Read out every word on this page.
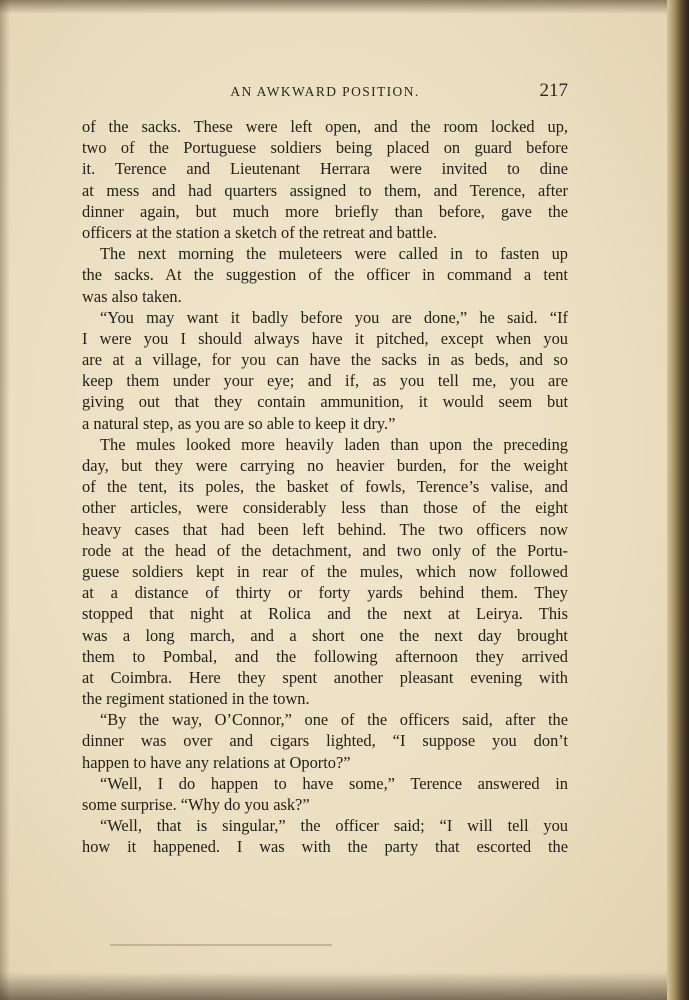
AN AWKWARD POSITION.	217
of the sacks. These were left open, and the room locked up,
two of the Portuguese soldiers being placed on guard before
it. Terence and Lieutenant Herrara were invited to dine
at mess and had quarters assigned to them, and Terence, after
dinner again, but much more briefly than before, gave the
officers at the station a sketch of the retreat and battle.
The next morning the muleteers were called in to fasten up
the sacks. At the suggestion of the officer in command a tent
was also taken.
“You may want it badly before you are done,” he said. “If
I were you I should always have it pitched, except when you
are at a village, for you can have the sacks in as beds, and so
keep them under your eye; and if, as you tell me, you are
giving out that they contain ammunition, it would seem but
a natural step, as you are so able to keep it dry.”
The mules looked more heavily laden than upon the preceding
day, but they were carrying no heavier burden, for the weight
of the tent, its poles, the basket of fowls, Terence’s valise, and
other articles, were considerably less than those of the eight
heavy cases that had been left behind. The two officers now
rode at the head of the detachment, and two only of the Portu-
guese soldiers kept in rear of the mules, which now followed
at a distance of thirty or forty yards behind them. They
stopped that night at Rolica and the next at Leirya. This
was a long march, and a short one the next day brought
them to Pombal, and the following afternoon they arrived
at Coimbra. Here they spent another pleasant evening with
the regiment stationed in the town.
“By the way, O’Connor,” one of the officers said, after the
dinner was over and cigars lighted, “I suppose you don’t
happen to have any relations at Oporto?”
“Well, I do happen to have some,” Terence answered in
some surprise. “Why do you ask?”
“Well, that is singular,” the officer said; “I will tell you
how it happened. I was with the party that escorted the
